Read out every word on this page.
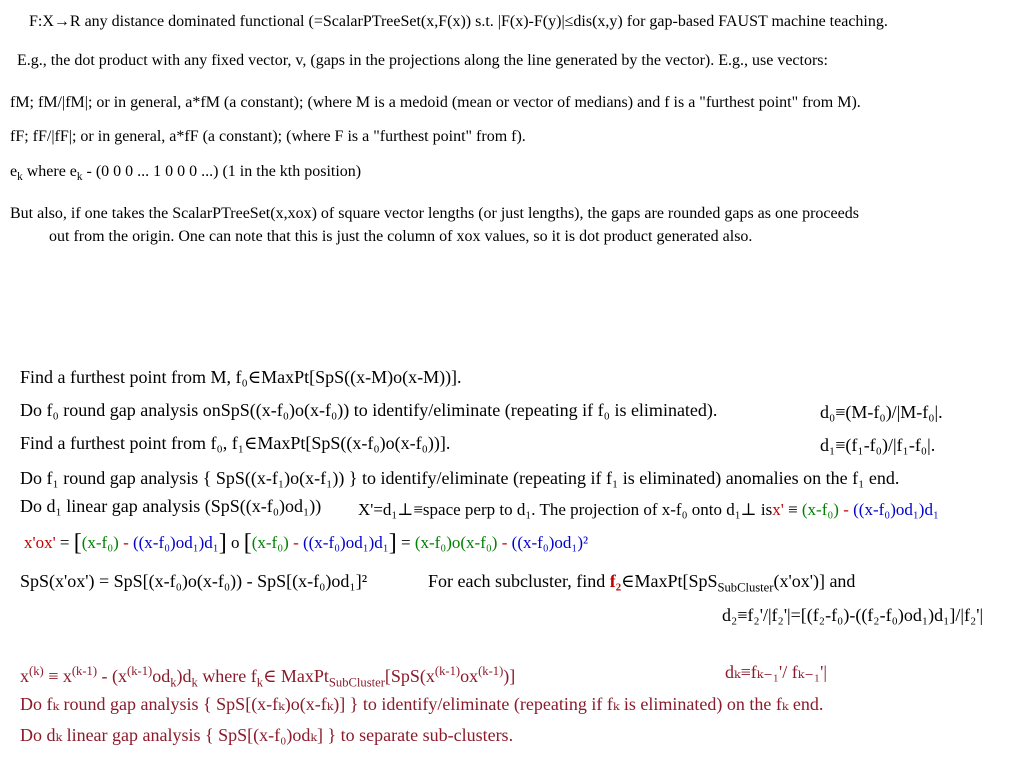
F:X→R any distance dominated functional (=ScalarPTreeSet(x,F(x)) s.t. |F(x)-F(y)|≤dis(x,y) for gap-based FAUST machine teaching.

E.g., the dot product with any fixed vector, v, (gaps in the projections along the line generated by the vector). E.g., use vectors:

fM; fM/|fM|; or in general, a*fM (a constant); (where M is a medoid (mean or vector of medians) and f is a "furthest point" from M).

fF; fF/|fF|; or in general, a*fF (a constant); (where F is a "furthest point" from f).

$e_k$ where $e_k - (0$ 0 0 ... 1 0 0 0 ...) (1 in the kth position)

But also, if one takes the ScalarPTreeSet(x,xox) of square vector lengths (or just lengths), the gaps are rounded gaps as one proceeds

out from the origin. One can note that this is just the column of xox values, so it is dot product generated also.

Find a furthest point from M, f₀∈MaxPt[SpS((x-M)o(x-M))].

Do f₀ round gap analysis onSpS((x-f₀)o(x-f₀)) to identify/eliminate (repeating if f₀ is eliminated).	d₀≡(M-f₀)/|M-f₀|.

Find a furthest point from f₀, f₁∈MaxPt[SpS((x-f₀)o(x-f₀))].	d₁≡(f₁-f₀)/|f₁-f₀|.

Do f₁ round gap analysis { SpS((x-f₁)o(x-f₁)) } to identify/eliminate (repeating if f₁ is eliminated) anomalies on the f₁ end.

Do d₁ linear gap analysis (SpS((x-f₀)od₁)) X'=d₁⊥≡space perp to d₁. The projection of x-f₀ onto d₁⊥ isx' ≡ (x-f₀) - ((x-f₀)od₁)d₁

x'ox' = [(x-f₀) - ((x-f₀)od₁)d₁] o [(x-f₀) - ((x-f₀)od₁)d₁] = (x-f₀)o(x-f₀) - ((x-f₀)od₁)²

SpS(x'ox') = SpS[(x-f₀)o(x-f₀)) - SpS[(x-f₀)od₁]²	For each subcluster, find f₂∈MaxPt[SpS$_{SubCluster}$(x'ox')] and

d₂≡f₂'/|f₂'|=[(f₂-f₀)-((f₂-f₀)od₁)d₁]/|f₂'|

$x^{(k)} \equiv x^{(k-1)} - (x^{(k-1)}od_k)d_k$ where $f_k\in$ $MaxPt_{SubCluster}[SpS(x^{(k-1)}ox^{(k-1)})]$	dₖ≡fₖ₋₁'/ fₖ₋₁'|

Do fₖ round gap analysis { SpS[(x-fₖ)o(x-fₖ)] } to identify/eliminate (repeating if fₖ is eliminated) on the fₖ end.

Do dₖ linear gap analysis { SpS[(x-f₀)odₖ] } to separate sub-clusters.
